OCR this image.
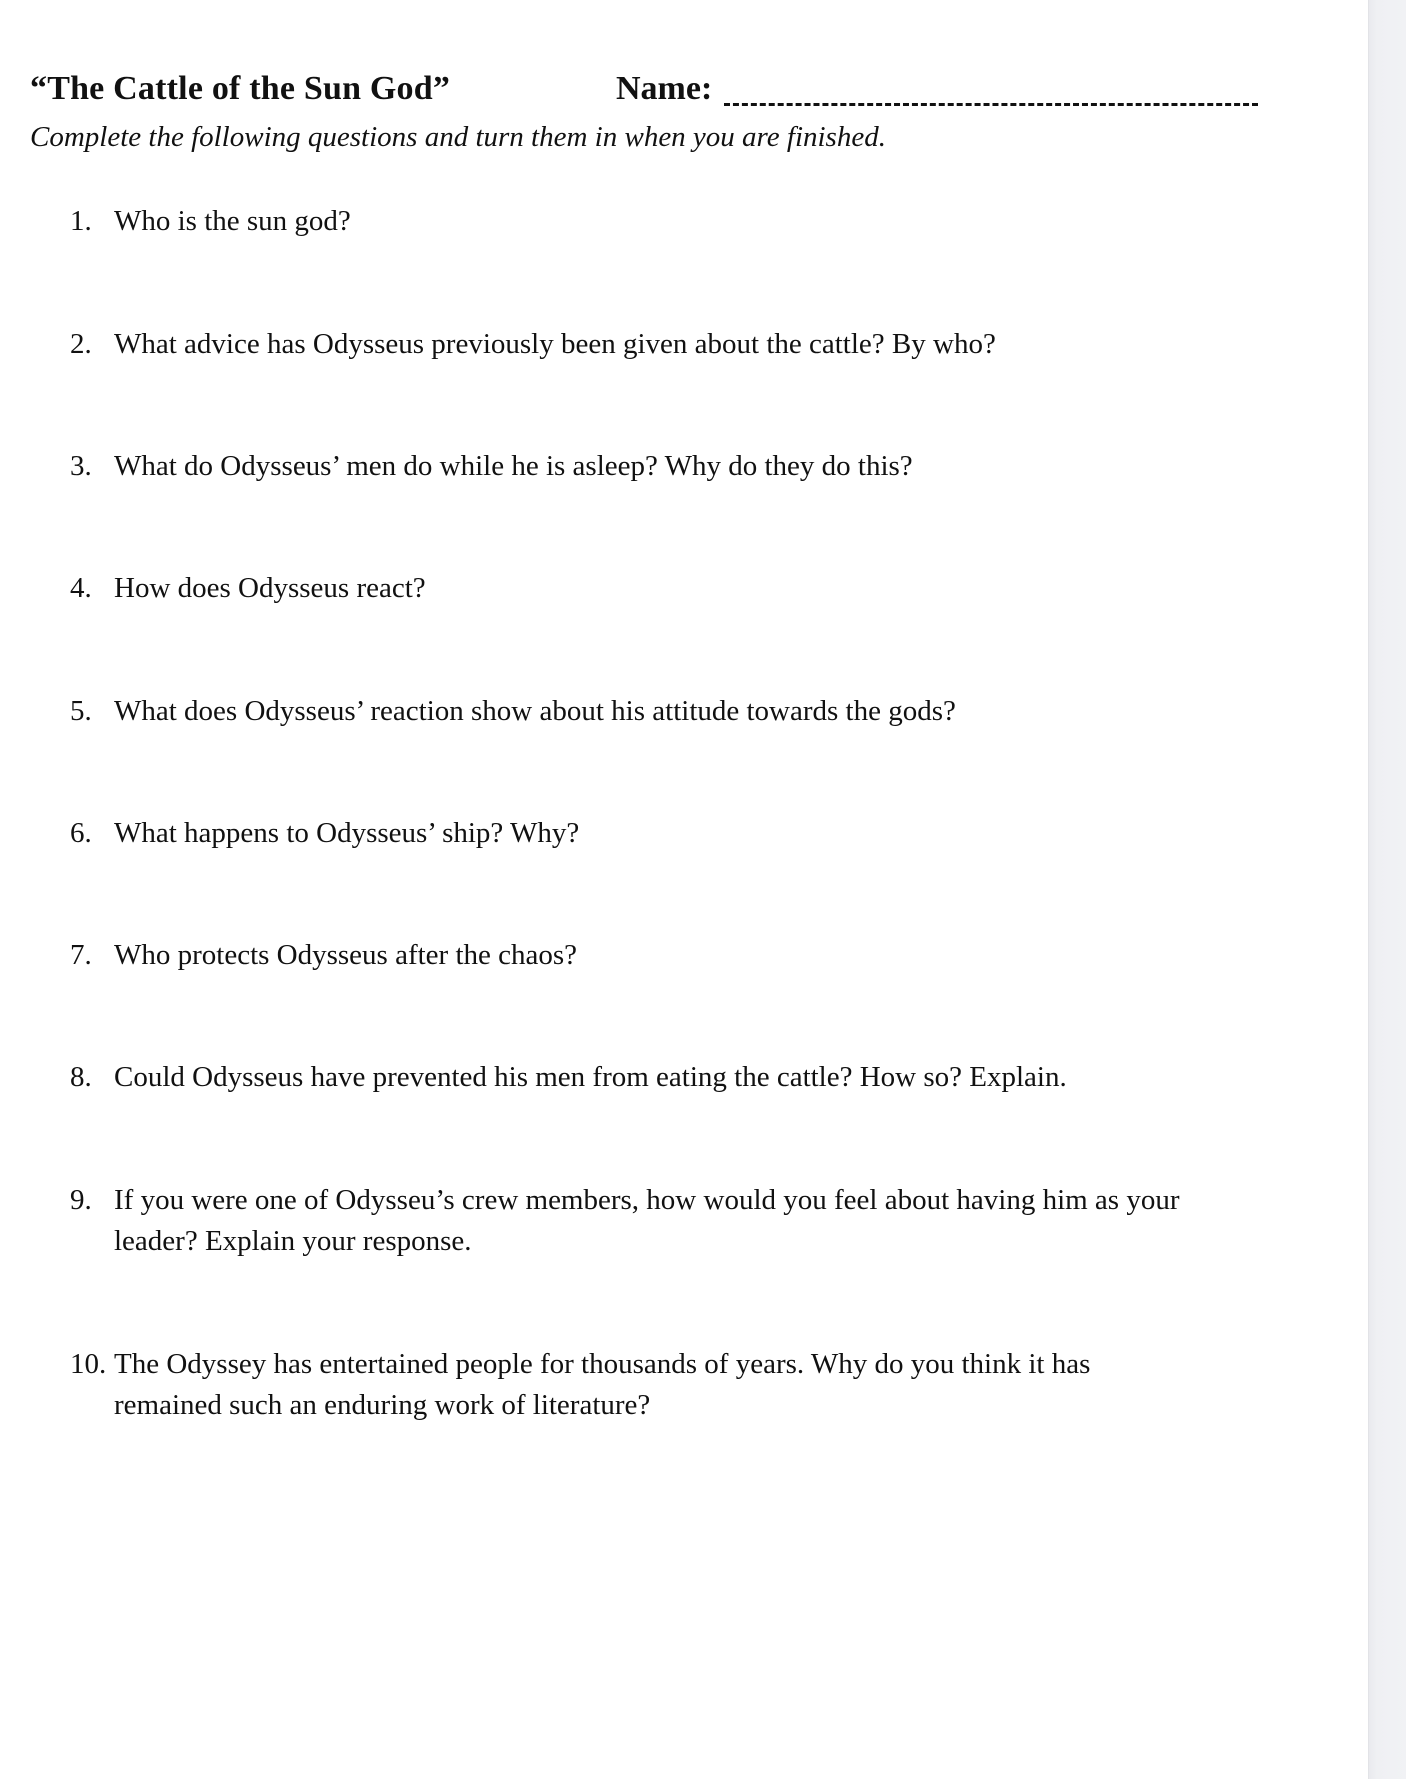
“The Cattle of the Sun God”	Name:
Complete the following questions and turn them in when you are finished.
1. Who is the sun god?
2. What advice has Odysseus previously been given about the cattle? By who?
3. What do Odysseus’ men do while he is asleep? Why do they do this?
4. How does Odysseus react?
5. What does Odysseus’ reaction show about his attitude towards the gods?
6. What happens to Odysseus’ ship? Why?
7. Who protects Odysseus after the chaos?
8. Could Odysseus have prevented his men from eating the cattle? How so? Explain.
9. If you were one of Odysseu’s crew members, how would you feel about having him as your
leader? Explain your response.
10. The Odyssey has entertained people for thousands of years. Why do you think it has
remained such an enduring work of literature?
